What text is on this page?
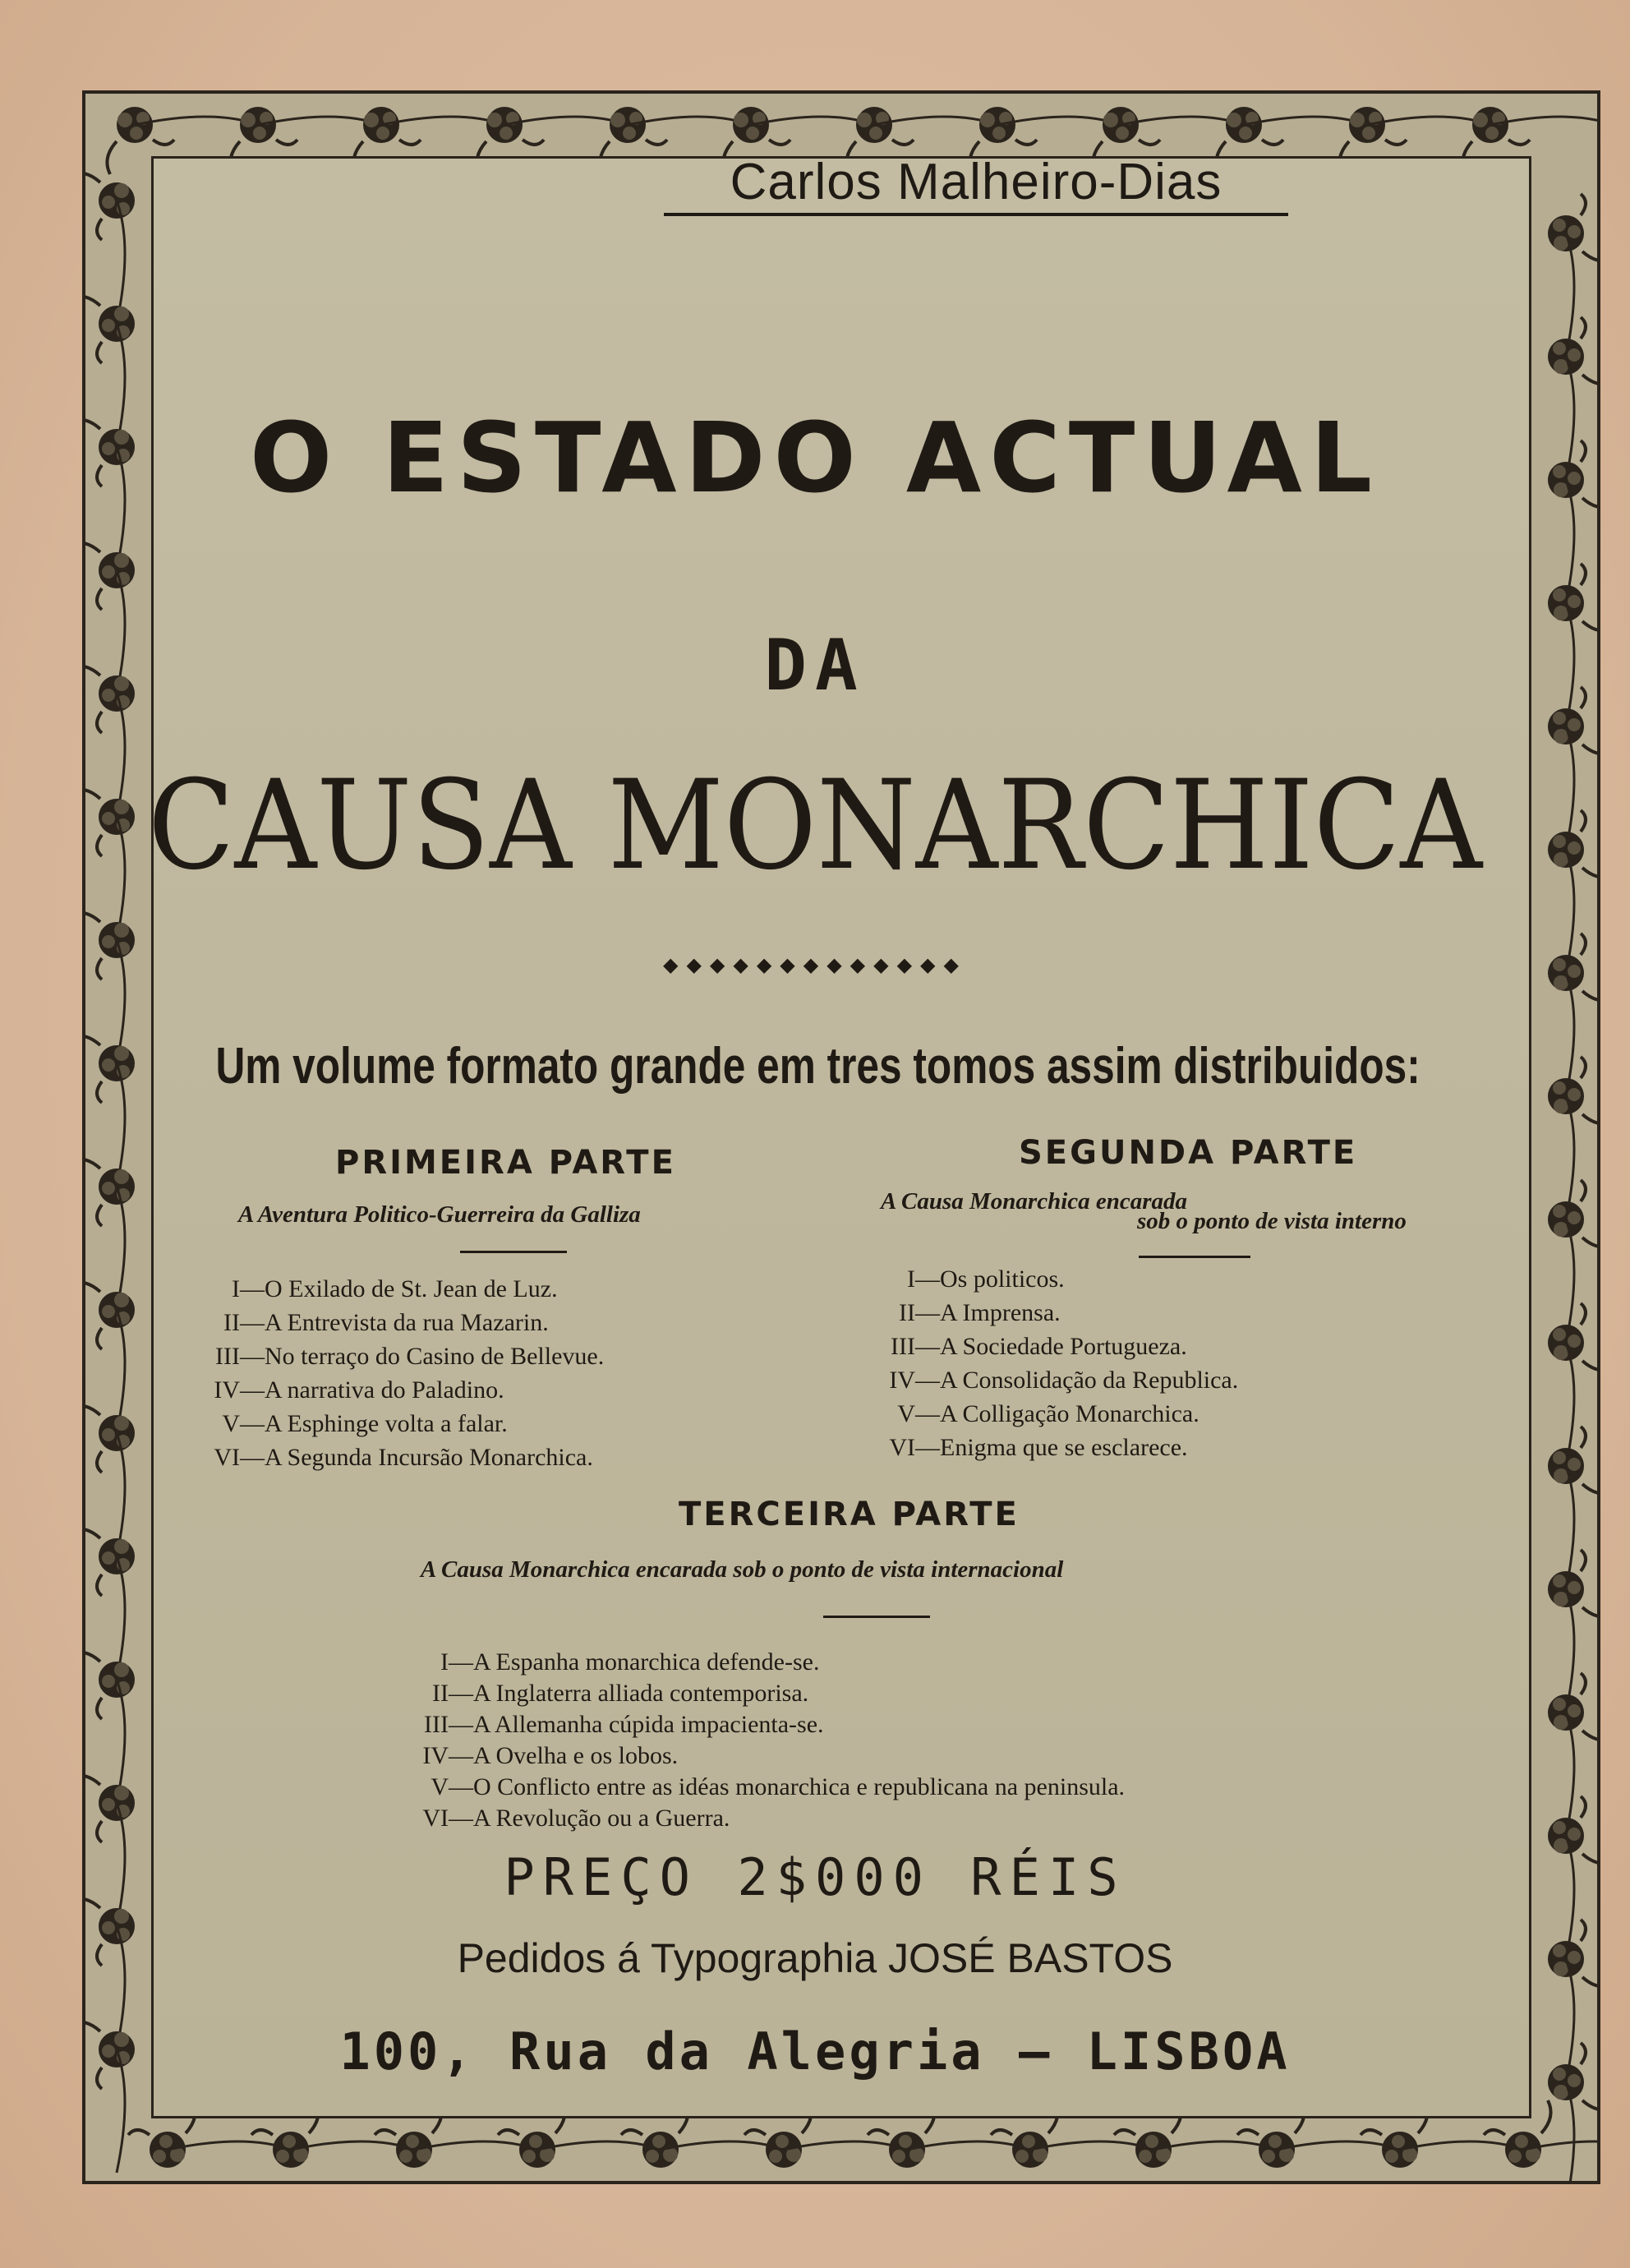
Carlos Malheiro-Dias
O ESTADO ACTUAL
DA
CAUSA MONARCHICA
◆◆◆◆◆◆◆◆◆◆◆◆◆
Um volume formato grande em tres tomos assim distribuidos:
PRIMEIRA PARTE
A Aventura Politico-Guerreira da Galliza
I—O Exilado de St. Jean de Luz.
II—A Entrevista da rua Mazarin.
III—No terraço do Casino de Bellevue.
IV—A narrativa do Paladino.
V—A Esphinge volta a falar.
VI—A Segunda Incursão Monarchica.
SEGUNDA PARTE
A Causa Monarchica encarada
sob o ponto de vista interno
I—Os politicos.
II—A Imprensa.
III—A Sociedade Portugueza.
IV—A Consolidação da Republica.
V—A Colligação Monarchica.
VI—Enigma que se esclarece.
TERCEIRA PARTE
A Causa Monarchica encarada sob o ponto de vista internacional
I—A Espanha monarchica defende-se.
II—A Inglaterra alliada contemporisa.
III—A Allemanha cúpida impacienta-se.
IV—A Ovelha e os lobos.
V—O Conflicto entre as idéas monarchica e republicana na peninsula.
VI—A Revolução ou a Guerra.
PREÇO 2$000 RÉIS
Pedidos á Typographia JOSÉ BASTOS
100, Rua da Alegria — LISBOA
